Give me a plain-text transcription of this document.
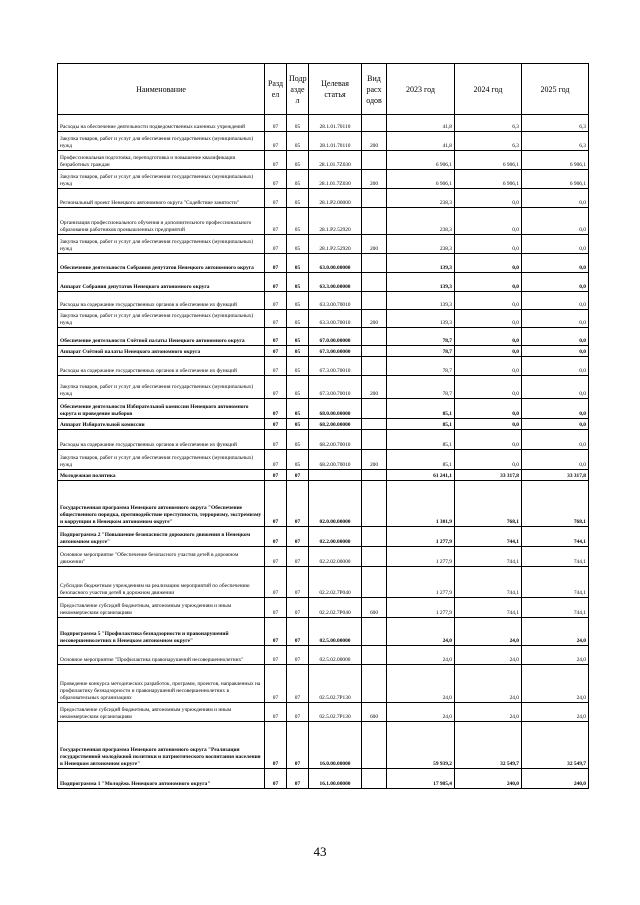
Наименование	Разд ел	Подр азде л	Целевая статья	Вид расх одов	2023 год	2024 год	2025 год
Расходы на обеспечение деятельности подведомственных казенных учреждений	07	05	28.1.01.70110		41,8	6,3	6,3
Закупка товаров, работ и услуг для обеспечения государственных (муниципальных) нужд	07	05	28.1.01.70110	200	41,8	6,3	6,3
Профессиональная подготовка, переподготовка и повышение квалификации безработных граждан	07	05	28.1.01.7Z030		6 906,1	6 906,1	6 906,1
Закупка товаров, работ и услуг для обеспечения государственных (муниципальных) нужд	07	05	28.1.01.7Z030	200	6 906,1	6 906,1	6 906,1
Региональный проект Ненецкого автономного округа "Содействие занятости"	07	05	28.1.P2.00000		238,3	0,0	0,0
Организация профессионального обучения и дополнительного профессионального образования работников промышленных предприятий	07	05	28.1.P2.52920		238,3	0,0	0,0
Закупка товаров, работ и услуг для обеспечения государственных (муниципальных) нужд	07	05	28.1.P2.52920	200	238,3	0,0	0,0
Обеспечение деятельности Собрания депутатов Ненецкого автономного округа	07	05	63.0.00.00000		139,3	0,0	0,0
Аппарат Собрания депутатов Ненецкого автономного округа	07	05	63.3.00.00000		139,3	0,0	0,0
Расходы на содержание государственных органов и обеспечение их функций	07	05	63.3.00.70010		139,3	0,0	0,0
Закупка товаров, работ и услуг для обеспечения государственных (муниципальных) нужд	07	05	63.3.00.70010	200	139,3	0,0	0,0
Обеспечение деятельности Счётной палаты Ненецкого автономного округа	07	05	67.0.00.00000		78,7	0,0	0,0
Аппарат Счётной палаты Ненецкого автономного округа	07	05	67.3.00.00000		78,7	0,0	0,0
Расходы на содержание государственных органов и обеспечение их функций	07	05	67.3.00.70010		78,7	0,0	0,0
Закупка товаров, работ и услуг для обеспечения государственных (муниципальных) нужд	07	05	67.3.00.70010	200	78,7	0,0	0,0
Обеспечение деятельности Избирательной комиссии Ненецкого автономного округа и проведение выборов	07	05	68.0.00.00000		85,1	0,0	0,0
Аппарат Избирательной комиссии	07	05	68.2.00.00000		85,1	0,0	0,0
Расходы на содержание государственных органов и обеспечение их функций	07	05	68.2.00.70010		85,1	0,0	0,0
Закупка товаров, работ и услуг для обеспечения государственных (муниципальных) нужд	07	05	68.2.00.70010	200	85,1	0,0	0,0
Молодежная политика	07	07			61 241,1	33 317,8	33 317,8
Государственная программа Ненецкого автономного округа "Обеспечение общественного порядка, противодействие преступности, терроризму, экстремизму и коррупции в Ненецком автономном округе"	07	07	02.0.00.00000		1 301,9	768,1	768,1
Подпрограмма 2 "Повышение безопасности дорожного движения в Ненецком автономном округе"	07	07	02.2.00.00000		1 277,9	744,1	744,1
Основное мероприятие "Обеспечение безопасного участия детей в дорожном движении"	07	07	02.2.02.00000		1 277,9	744,1	744,1
Субсидии бюджетным учреждениям на реализацию мероприятий по обеспечению безопасного участия детей в дорожном движении	07	07	02.2.02.7P040		1 277,9	744,1	744,1
Предоставление субсидий бюджетным, автономным учреждениям и иным некоммерческим организациям	07	07	02.2.02.7P040	600	1 277,9	744,1	744,1
Подпрограмма 5 "Профилактика безнадзорности и правонарушений несовершеннолетних в Ненецком автономном округе"	07	07	02.5.00.00000		24,0	24,0	24,0
Основное мероприятие "Профилактика правонарушений несовершеннолетних"	07	07	02.5.02.00000		24,0	24,0	24,0
Проведение конкурса методических разработок, программ, проектов, направленных на профилактику безнадзорности и правонарушений несовершеннолетних в образовательных организациях	07	07	02.5.02.7P130		24,0	24,0	24,0
Предоставление субсидий бюджетным, автономным учреждениям и иным некоммерческим организациям	07	07	02.5.02.7P130	600	24,0	24,0	24,0
Государственная программа Ненецкого автономного округа "Реализация государственной молодёжной политики и патриотического воспитания населения в Ненецком автономном округе"	07	07	16.0.00.00000		59 939,2	32 549,7	32 549,7
Подпрограмма 1 "Молодёжь Ненецкого автономного округа"	07	07	16.1.00.00000		17 985,4	240,0	240,0
43
